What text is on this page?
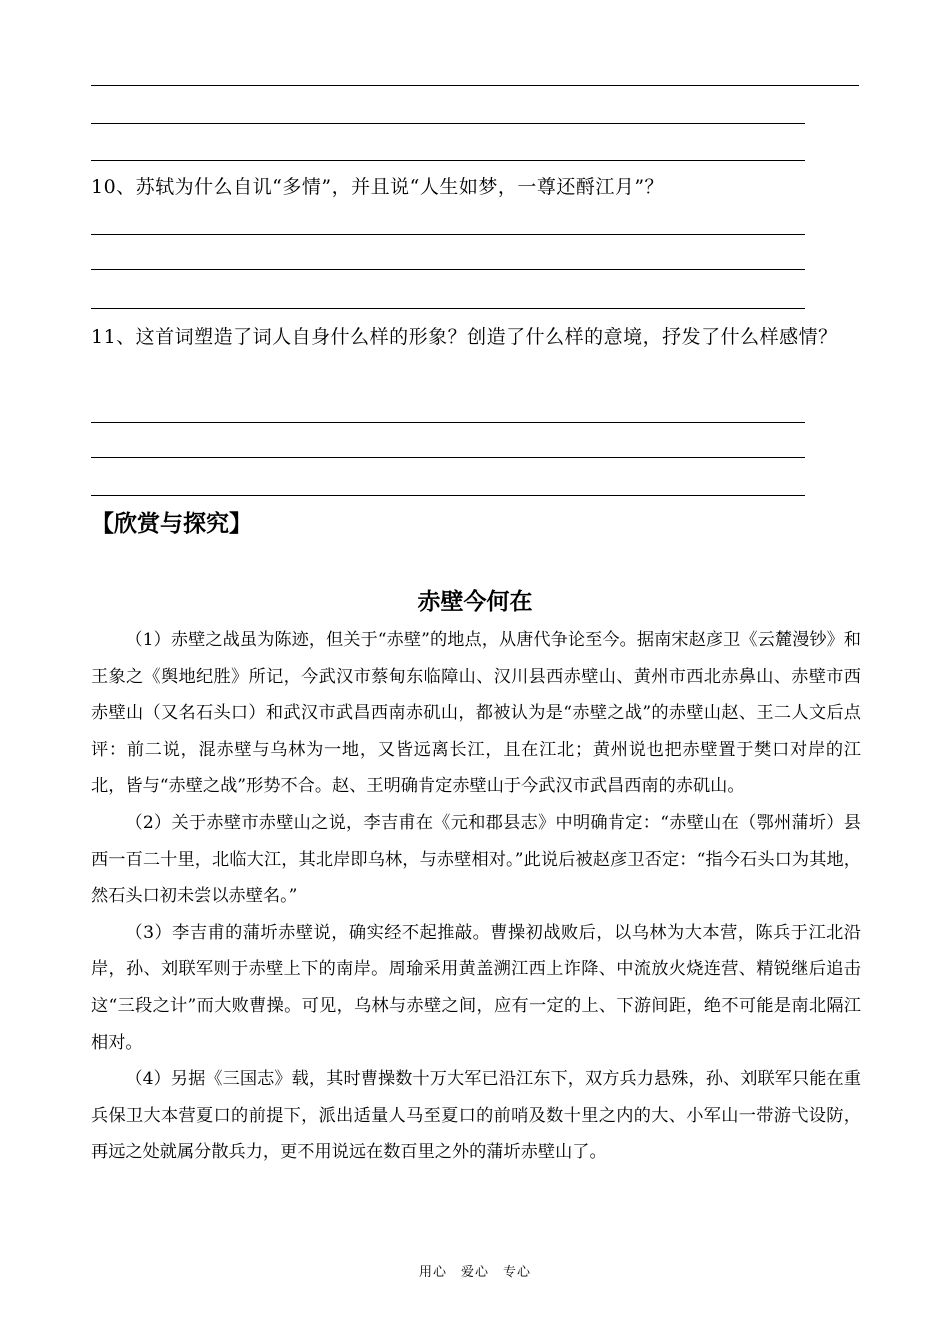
10、苏轼为什么自讥“多情”，并且说“人生如梦，一尊还酹江月”？
11、这首词塑造了词人自身什么样的形象？创造了什么样的意境，抒发了什么样感情？
【欣赏与探究】
赤壁今何在

（1）赤壁之战虽为陈迹，但关于“赤壁”的地点，从唐代争论至今。据南宋赵彦卫《云麓漫钞》和王象之《舆地纪胜》所记，今武汉市蔡甸东临障山、汉川县西赤壁山、黄州市西北赤鼻山、赤壁市西赤壁山（又名石头口）和武汉市武昌西南赤矶山，都被认为是“赤壁之战”的赤壁山赵、王二人文后点评：前二说，混赤壁与乌林为一地，又皆远离长江，且在江北；黄州说也把赤壁置于樊口对岸的江北，皆与“赤壁之战”形势不合。赵、王明确肯定赤壁山于今武汉市武昌西南的赤矶山。

（2）关于赤壁市赤壁山之说，李吉甫在《元和郡县志》中明确肯定：“赤壁山在（鄂州蒲圻）县西一百二十里，北临大江，其北岸即乌林，与赤壁相对。”此说后被赵彦卫否定：“指今石头口为其地，然石头口初未尝以赤壁名。”

（3）李吉甫的蒲圻赤壁说，确实经不起推敲。曹操初战败后，以乌林为大本营，陈兵于江北沿岸，孙、刘联军则于赤壁上下的南岸。周瑜采用黄盖溯江西上诈降、中流放火烧连营、精锐继后追击这“三段之计”而大败曹操。可见，乌林与赤壁之间，应有一定的上、下游间距，绝不可能是南北隔江相对。

（4）另据《三国志》载，其时曹操数十万大军已沿江东下，双方兵力悬殊，孙、刘联军只能在重兵保卫大本营夏口的前提下，派出适量人马至夏口的前哨及数十里之内的大、小军山一带游弋设防，再远之处就属分散兵力，更不用说远在数百里之外的蒲圻赤壁山了。

用心　爱心　专心
